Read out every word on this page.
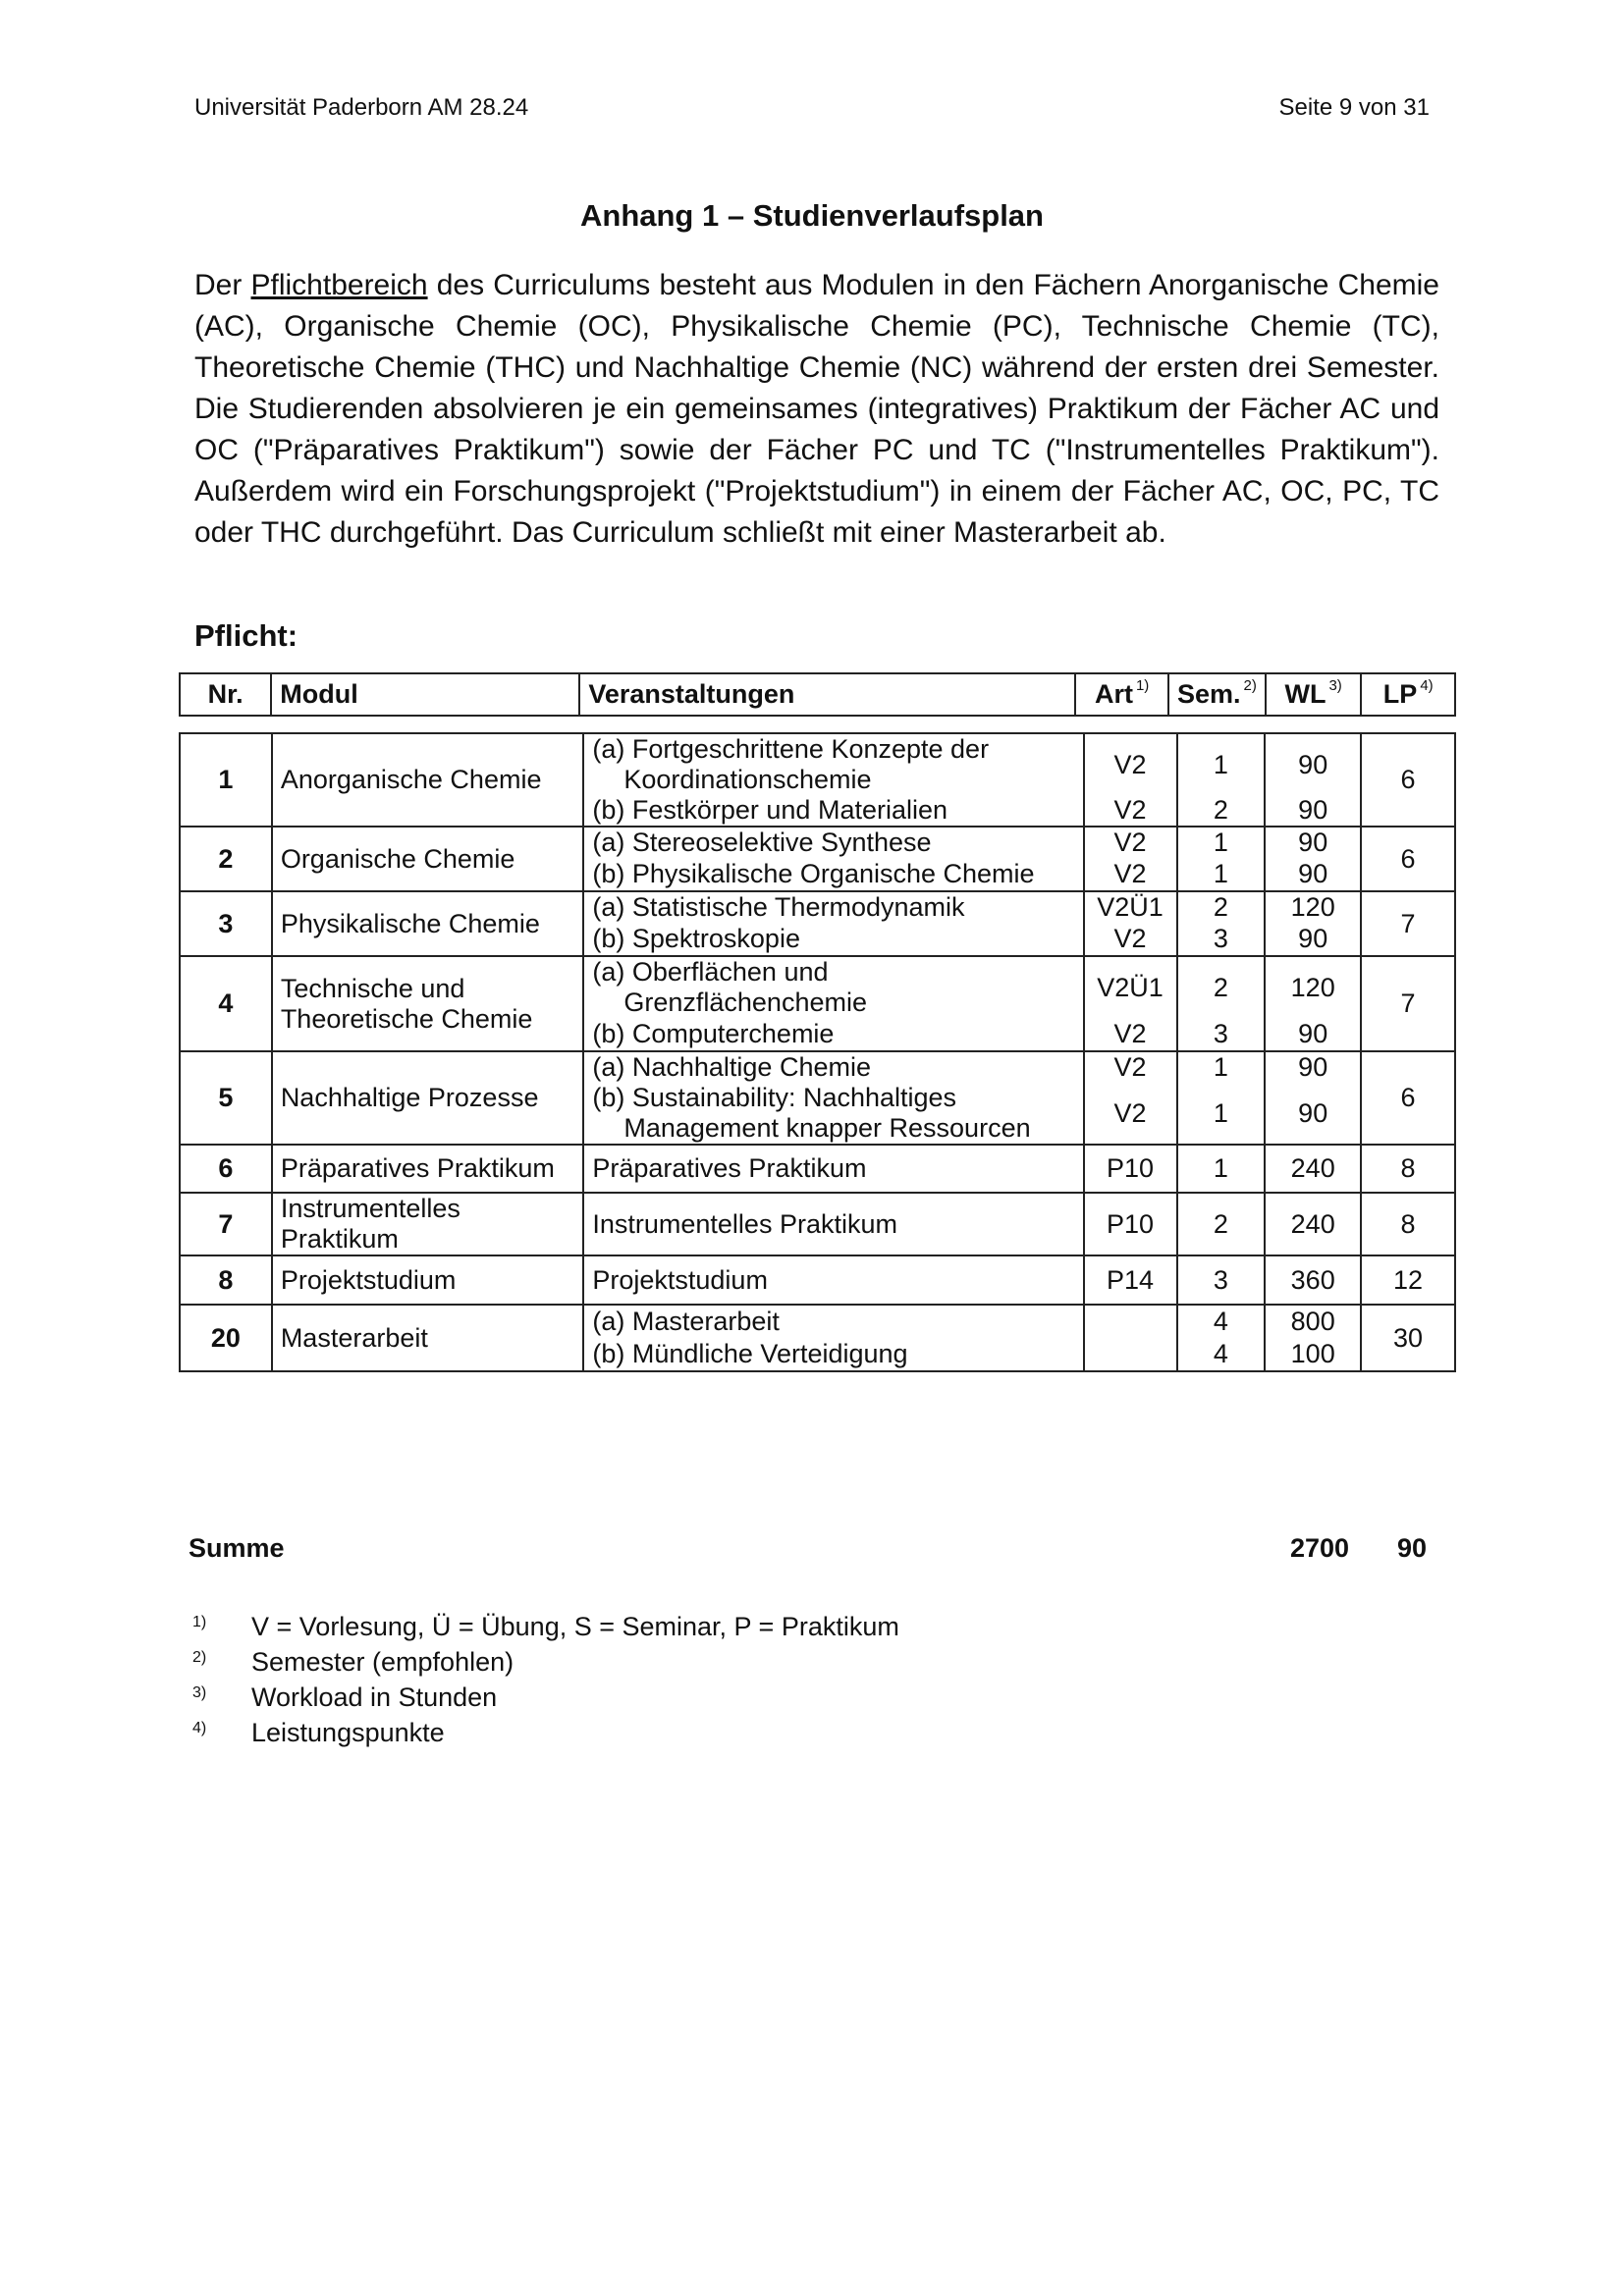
Universität Paderborn AM 28.24	Seite 9 von 31
Anhang 1 – Studienverlaufsplan

Der Pflichtbereich des Curriculums besteht aus Modulen in den Fächern Anorganische Chemie (AC), Organische Chemie (OC), Physikalische Chemie (PC), Technische Chemie (TC), Theoretische Chemie (THC) und Nachhaltige Chemie (NC) während der ersten drei Semester. Die Studierenden absolvieren je ein gemeinsames (integratives) Praktikum der Fächer AC und OC ("Präparatives Praktikum") sowie der Fächer PC und TC ("Instrumentelles Praktikum"). Außerdem wird ein Forschungsprojekt ("Projektstudium") in einem der Fächer AC, OC, PC, TC oder THC durchgeführt. Das Curriculum schließt mit einer Masterarbeit ab.

Pflicht:
Nr.	Modul	Veranstaltungen	Art $^{1)}$	Sem. $^{2)}$	WL $^{3)}$	LP $^{4)}$
1	Anorganische Chemie	(a) Fortgeschrittene Konzepte der Koordinationschemie	V2	1	90	6
		(b) Festkörper und Materialien	V2	2	90	
2	Organische Chemie	(a) Stereoselektive Synthese	V2	1	90	6
		(b) Physikalische Organische Chemie	V2	1	90	
3	Physikalische Chemie	(a) Statistische Thermodynamik	V2Ü1	2	120	7
		(b) Spektroskopie	V2	3	90	
4	Technische und Theoretische Chemie	(a) Oberflächen und Grenzflächenchemie	V2Ü1	2	120	7
		(b) Computerchemie	V2	3	90	
5	Nachhaltige Prozesse	(a) Nachhaltige Chemie	V2	1	90	6
		(b) Sustainability: Nachhaltiges Management knapper Ressourcen	V2	1	90	
6	Präparatives Praktikum	Präparatives Praktikum	P10	1	240	8
7	Instrumentelles Praktikum	Instrumentelles Praktikum	P10	2	240	8
8	Projektstudium	Projektstudium	P14	3	360	12
20	Masterarbeit	(a) Masterarbeit		4	800	30
		(b) Mündliche Verteidigung		4	100	
Summe	2700	90
1) V = Vorlesung, Ü = Übung, S = Seminar, P = Praktikum
2) Semester (empfohlen)
3) Workload in Stunden
4) Leistungspunkte
